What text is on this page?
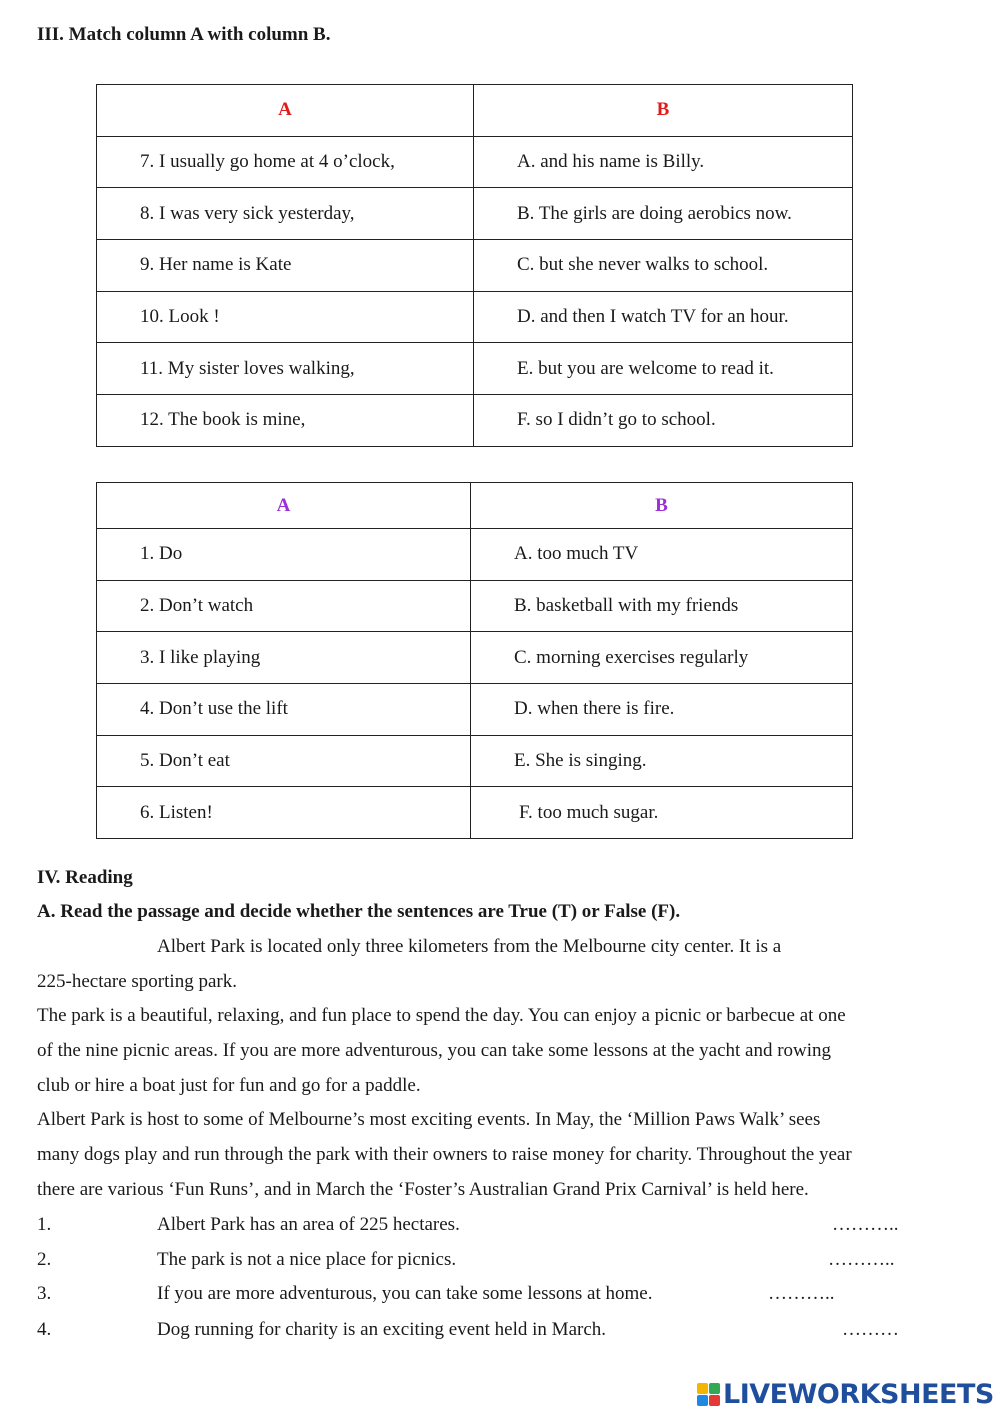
III. Match column A with column B.
A	B
7. I usually go home at 4 o’clock,	A. and his name is Billy.
8. I was very sick yesterday,	B. The girls are doing aerobics now.
9. Her name is Kate	C. but she never walks to school.
10. Look !	D. and then I watch TV for an hour.
11. My sister loves walking,	E. but you are welcome to read it.
12. The book is mine,	F. so I didn’t go to school.
A	B
1. Do	A. too much TV
2. Don’t watch	B. basketball with my friends
3. I like playing	C. morning exercises regularly
4. Don’t use the lift	D. when there is fire.
5. Don’t eat	E. She is singing.
6. Listen!	F. too much sugar.
IV. Reading
A. Read the passage and decide whether the sentences are True (T) or False (F).
Albert Park is located only three kilometers from the Melbourne city center. It is a
225-hectare sporting park.
The park is a beautiful, relaxing, and fun place to spend the day. You can enjoy a picnic or barbecue at one
of the nine picnic areas. If you are more adventurous, you can take some lessons at the yacht and rowing
club or hire a boat just for fun and go for a paddle.
Albert Park is host to some of Melbourne’s most exciting events. In May, the ‘Million Paws Walk’ sees
many dogs play and run through the park with their owners to raise money for charity. Throughout the year
there are various ‘Fun Runs’, and in March the ‘Foster’s Australian Grand Prix Carnival’ is held here.
1.	Albert Park has an area of 225 hectares.	………..
2.	The park is not a nice place for picnics.	………..
3.	If you are more adventurous, you can take some lessons at home.	………..
4.	Dog running for charity is an exciting event held in March.	………
LIVEWORKSHEETS
